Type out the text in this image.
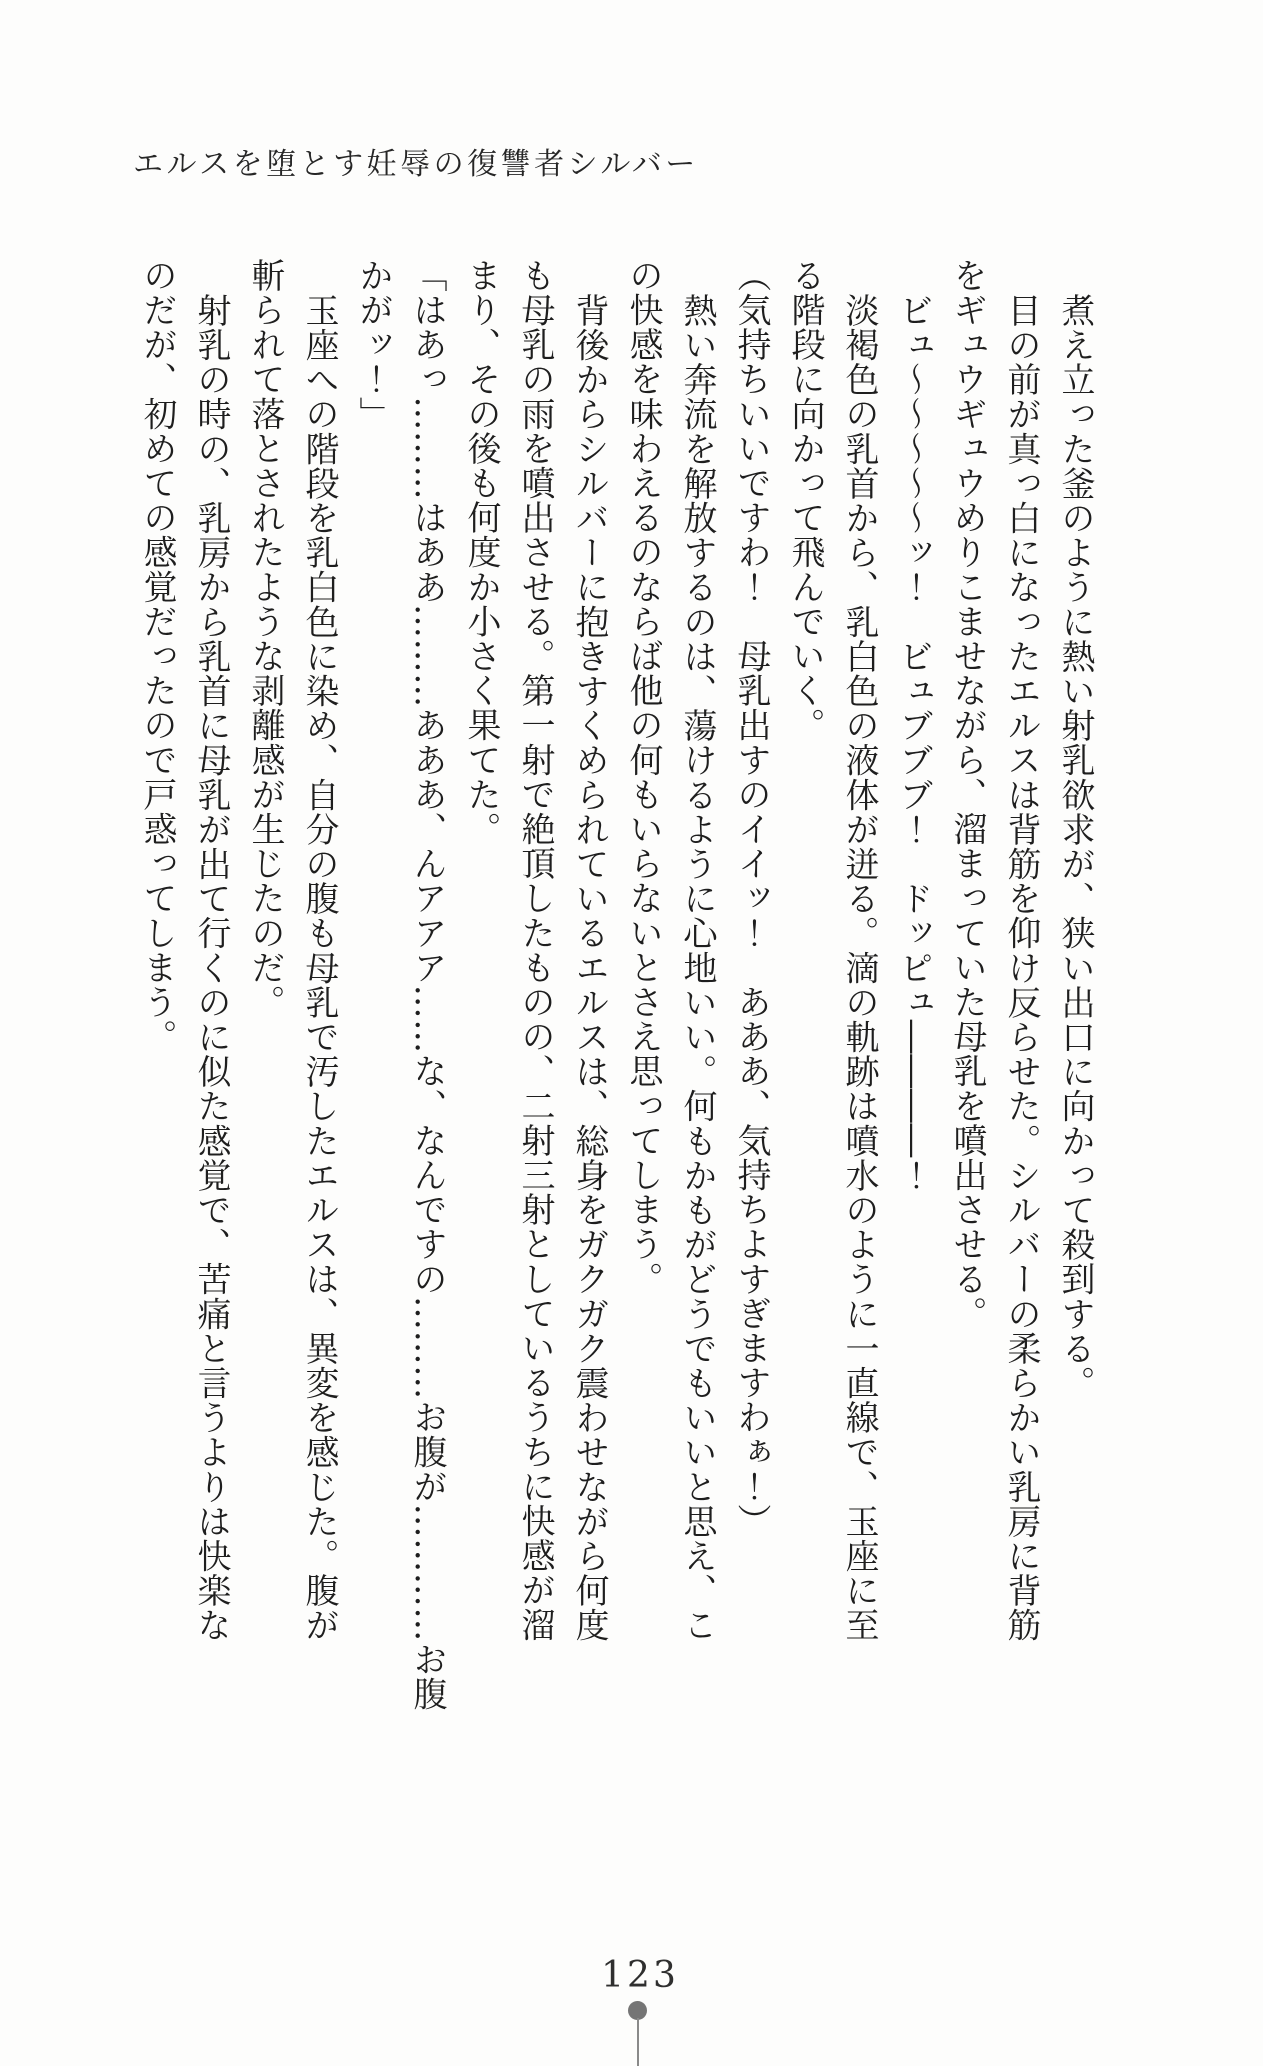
エルスを堕とす妊辱の復讐者シルバー

煮え立った釜のように熱い射乳欲求が、狭い出口に向かって殺到する。

目の前が真っ白になったエルスは背筋を仰け反らせた。シルバーの柔らかい乳房に背筋

をギュウギュウめりこませながら、溜まっていた母乳を噴出させる。

ビュ～～～～～ッ！　ビュブブブ！　ドッピュ――――！

淡褐色の乳首から、乳白色の液体が迸る。滴の軌跡は噴水のように一直線で、玉座に至

る階段に向かって飛んでいく。

（気持ちいいですわ！　母乳出すのイイッ！　あああ、気持ちよすぎますわぁ！）

熱い奔流を解放するのは、蕩けるように心地いい。何もかもがどうでもいいと思え、こ

の快感を味わえるのならば他の何もいらないとさえ思ってしまう。

背後からシルバーに抱きすくめられているエルスは、総身をガクガク震わせながら何度

も母乳の雨を噴出させる。第一射で絶頂したものの、二射三射としているうちに快感が溜

まり、その後も何度か小さく果てた。

「はあっ………はああ………あああ、んアアア……な、なんですの………お腹が…………お腹

かがッ！」

玉座への階段を乳白色に染め、自分の腹も母乳で汚したエルスは、異変を感じた。腹が

斬られて落とされたような剥離感が生じたのだ。

射乳の時の、乳房から乳首に母乳が出て行くのに似た感覚で、苦痛と言うよりは快楽な

のだが、初めての感覚だったので戸惑ってしまう。

123
